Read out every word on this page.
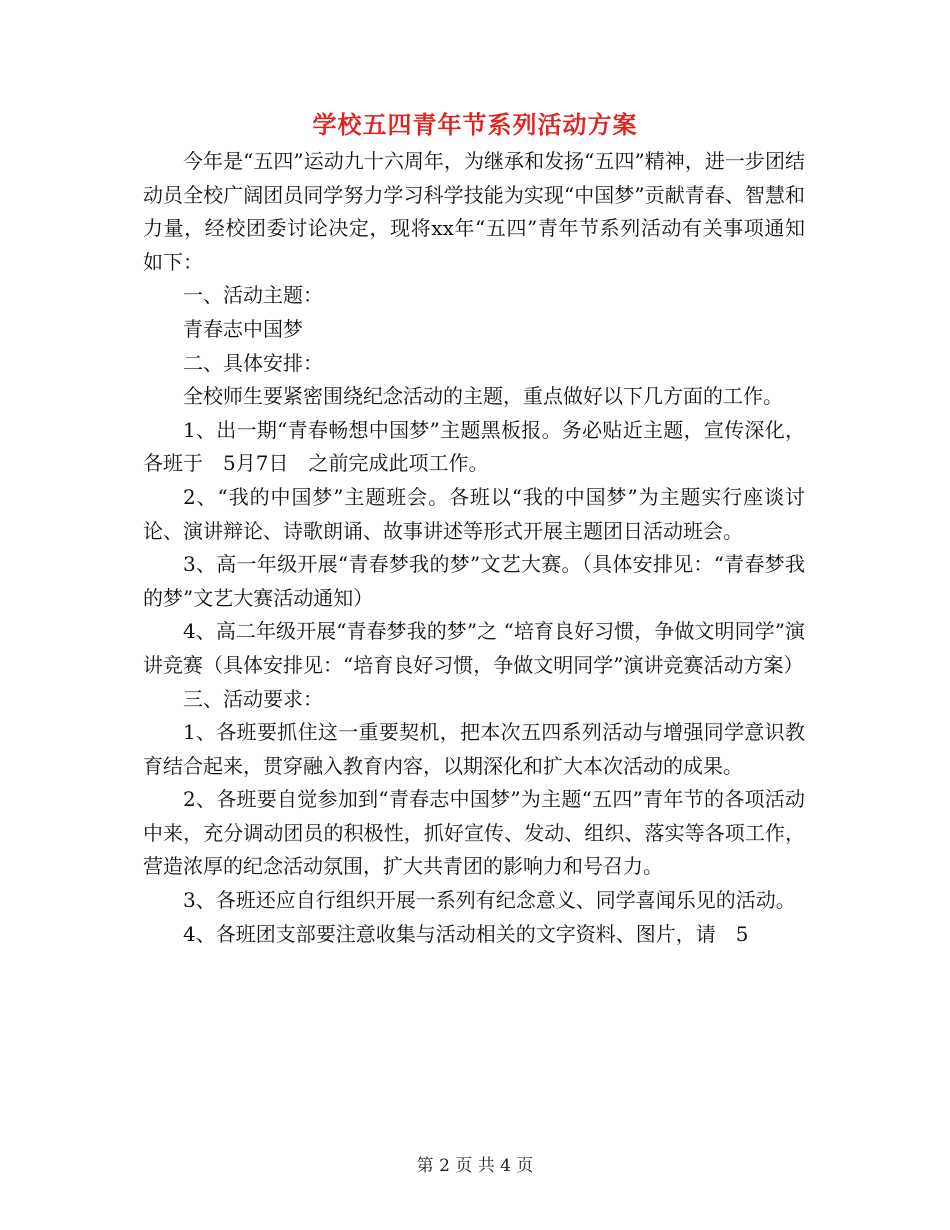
学校五四青年节系列活动方案

今年是“五四”运动九十六周年，为继承和发扬“五四”精神，进一步团结动员全校广阔团员同学努力学习科学技能为实现“中国梦”贡献青春、智慧和力量，经校团委讨论决定，现将xx年“五四”青年节系列活动有关事项通知如下：

一、活动主题：

青春志中国梦

二、具体安排：

全校师生要紧密围绕纪念活动的主题，重点做好以下几方面的工作。

1、出一期“青春畅想中国梦”主题黑板报。务必贴近主题，宣传深化，各班于　5月7日　之前完成此项工作。

2、“我的中国梦”主题班会。各班以“我的中国梦”为主题实行座谈讨论、演讲辩论、诗歌朗诵、故事讲述等形式开展主题团日活动班会。

3、高一年级开展“青春梦我的梦”文艺大赛。（具体安排见：“青春梦我的梦”文艺大赛活动通知）

4、高二年级开展“青春梦我的梦”之 “培育良好习惯，争做文明同学”演讲竞赛（具体安排见：“培育良好习惯，争做文明同学”演讲竞赛活动方案）

三、活动要求：

1、各班要抓住这一重要契机，把本次五四系列活动与增强同学意识教育结合起来，贯穿融入教育内容，以期深化和扩大本次活动的成果。

2、各班要自觉参加到“青春志中国梦”为主题“五四”青年节的各项活动中来，充分调动团员的积极性，抓好宣传、发动、组织、落实等各项工作，营造浓厚的纪念活动氛围，扩大共青团的影响力和号召力。

3、各班还应自行组织开展一系列有纪念意义、同学喜闻乐见的活动。

4、各班团支部要注意收集与活动相关的文字资料、图片，请　5

第 2 页 共 4 页
